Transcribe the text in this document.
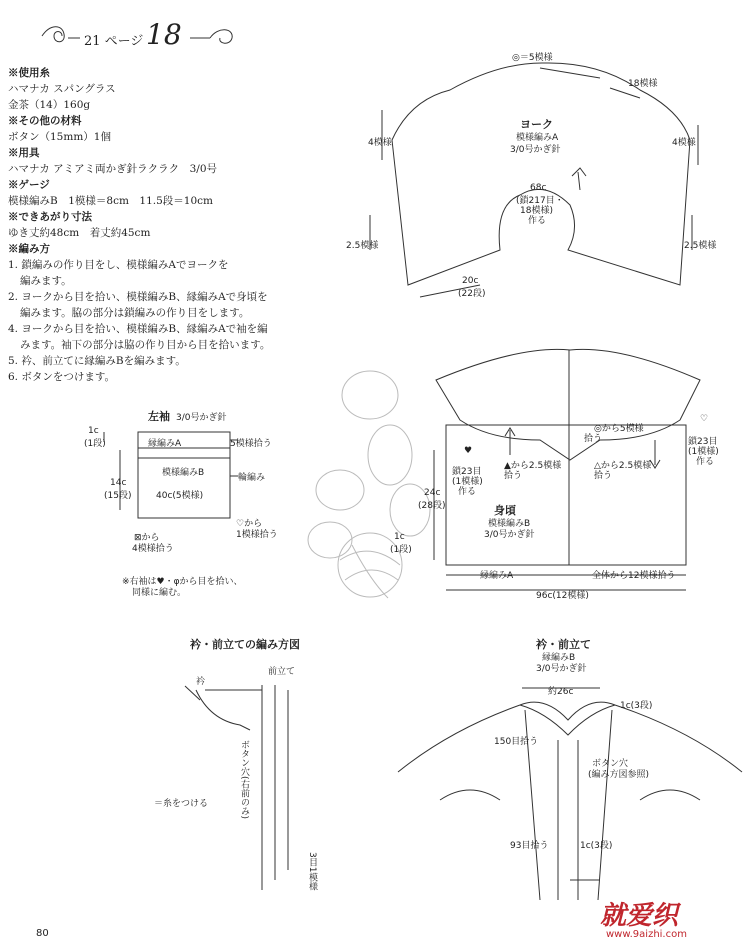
21 ページ 18
※使用糸
ハマナカ スパングラス
金茶（14）160g
※その他の材料
ボタン（15mm）1個
※用具
ハマナカ アミアミ両かぎ針ラクラク　3/0号
※ゲージ
模様編みB　1模様＝8cm　11.5段＝10cm
※できあがり寸法
ゆき丈約48cm　着丈約45cm
※編み方
1. 鎖編みの作り目をし、模様編みAでヨークを
編みます。
2. ヨークから目を拾い、模様編みB、縁編みAで身頃を
編みます。脇の部分は鎖編みの作り目をします。
4. ヨークから目を拾い、模様編みB、縁編みAで袖を編
みます。袖下の部分は脇の作り目から目を拾います。
5. 衿、前立てに縁編みBを編みます。
6. ボタンをつけます。
◎＝5模様
18模様
4模様	4模様
2.5模様	2.5模様
ヨーク
模様編みA
3/0号かぎ針
68c
(鎖217目・
18模様)
作る
20c
(22段)
左袖 3/0号かぎ針
1c
(1段)	縁編みA	5模様拾う
模様編みB	輪編み
14c
(15段)	40c(5模様)
⊠から
4模様拾う
♡から
1模様拾う
※右袖は♥・φから目を拾い、
同様に編む。
◎から5模様
拾う
♥
▲から2.5模様
拾う
△から2.5模様
拾う
鎖23目
(1模様)
作る
♡
鎖23目
(1模様)
作る
24c
(28段)	身頃
模様編みB
3/0号かぎ針
1c
(1段)
縁編みA	全体から12模様拾う
96c(12模様)
衿・前立ての編み方図
衿
前立て
ボタン穴(右前のみ)
＝糸をつける
3目1模様
衿・前立て
縁編みB
3/0号かぎ針
約26c
1c(3段)
150目拾う
ボタン穴
(編み方図参照)
93目拾う	1c(3段)
80
就爱织
www.9aizhi.com
